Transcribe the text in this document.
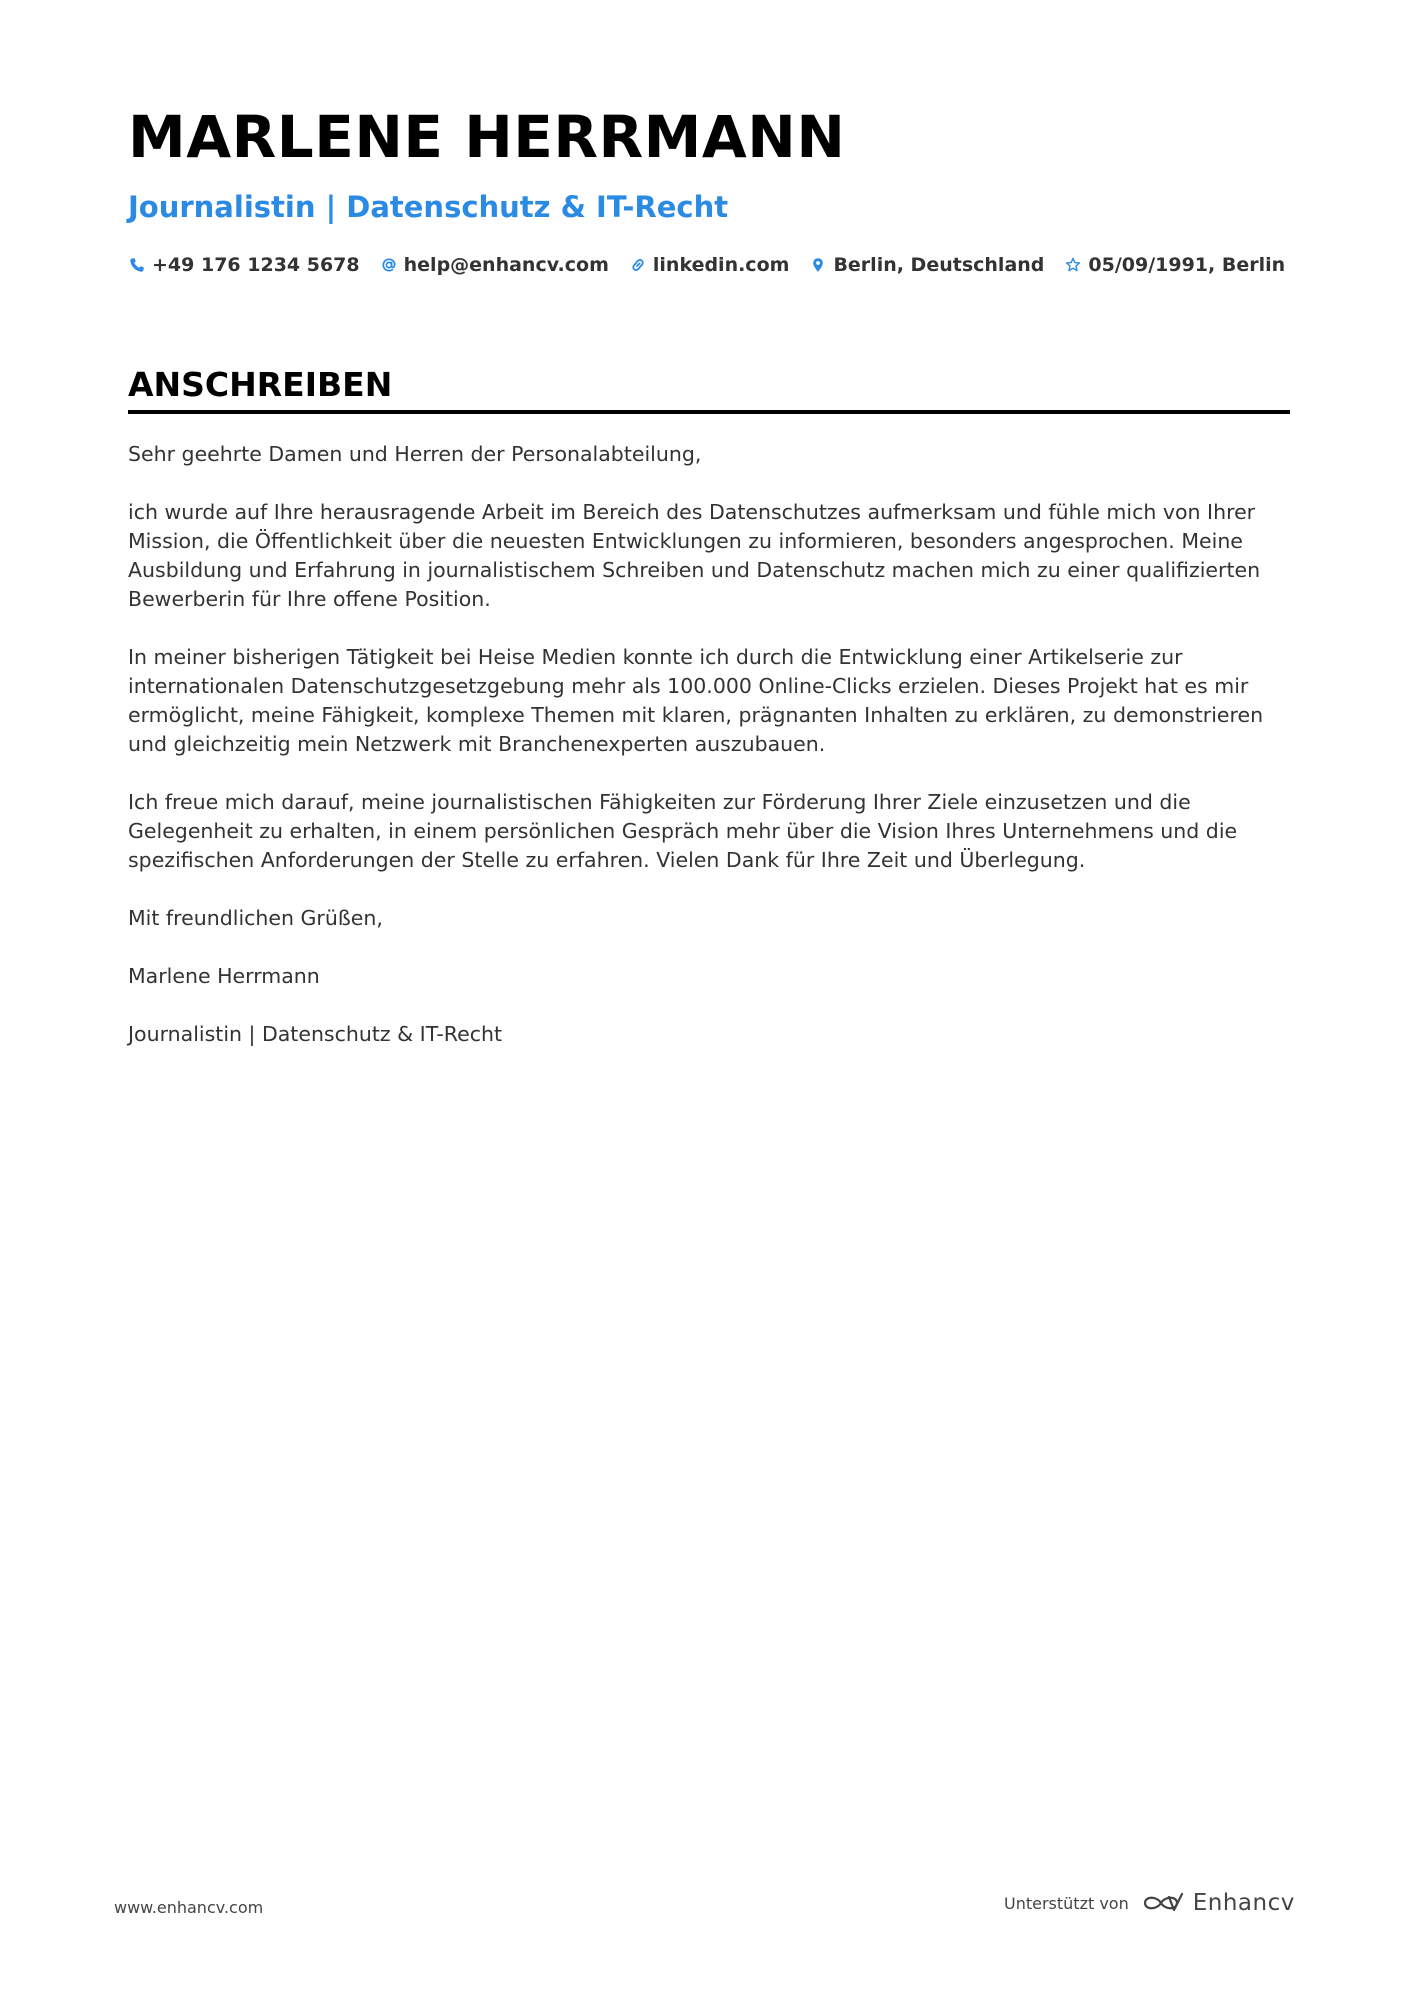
MARLENE HERRMANN
Journalistin | Datenschutz & IT-Recht
+49 176 1234 5678 help@enhancv.com linkedin.com Berlin, Deutschland 05/09/1991, Berlin
ANSCHREIBEN

Sehr geehrte Damen und Herren der Personalabteilung,

ich wurde auf Ihre herausragende Arbeit im Bereich des Datenschutzes aufmerksam und fühle mich von Ihrer Mission, die Öffentlichkeit über die neuesten Entwicklungen zu informieren, besonders angesprochen. Meine Ausbildung und Erfahrung in journalistischem Schreiben und Datenschutz machen mich zu einer qualifizierten Bewerberin für Ihre offene Position.

In meiner bisherigen Tätigkeit bei Heise Medien konnte ich durch die Entwicklung einer Artikelserie zur internationalen Datenschutzgesetzgebung mehr als 100.000 Online-Clicks erzielen. Dieses Projekt hat es mir ermöglicht, meine Fähigkeit, komplexe Themen mit klaren, prägnanten Inhalten zu erklären, zu demonstrieren und gleichzeitig mein Netzwerk mit Branchenexperten auszubauen.

Ich freue mich darauf, meine journalistischen Fähigkeiten zur Förderung Ihrer Ziele einzusetzen und die Gelegenheit zu erhalten, in einem persönlichen Gespräch mehr über die Vision Ihres Unternehmens und die spezifischen Anforderungen der Stelle zu erfahren. Vielen Dank für Ihre Zeit und Überlegung.

Mit freundlichen Grüßen,

Marlene Herrmann

Journalistin | Datenschutz & IT-Recht

www.enhancv.com	Unterstützt von	Enhancv
